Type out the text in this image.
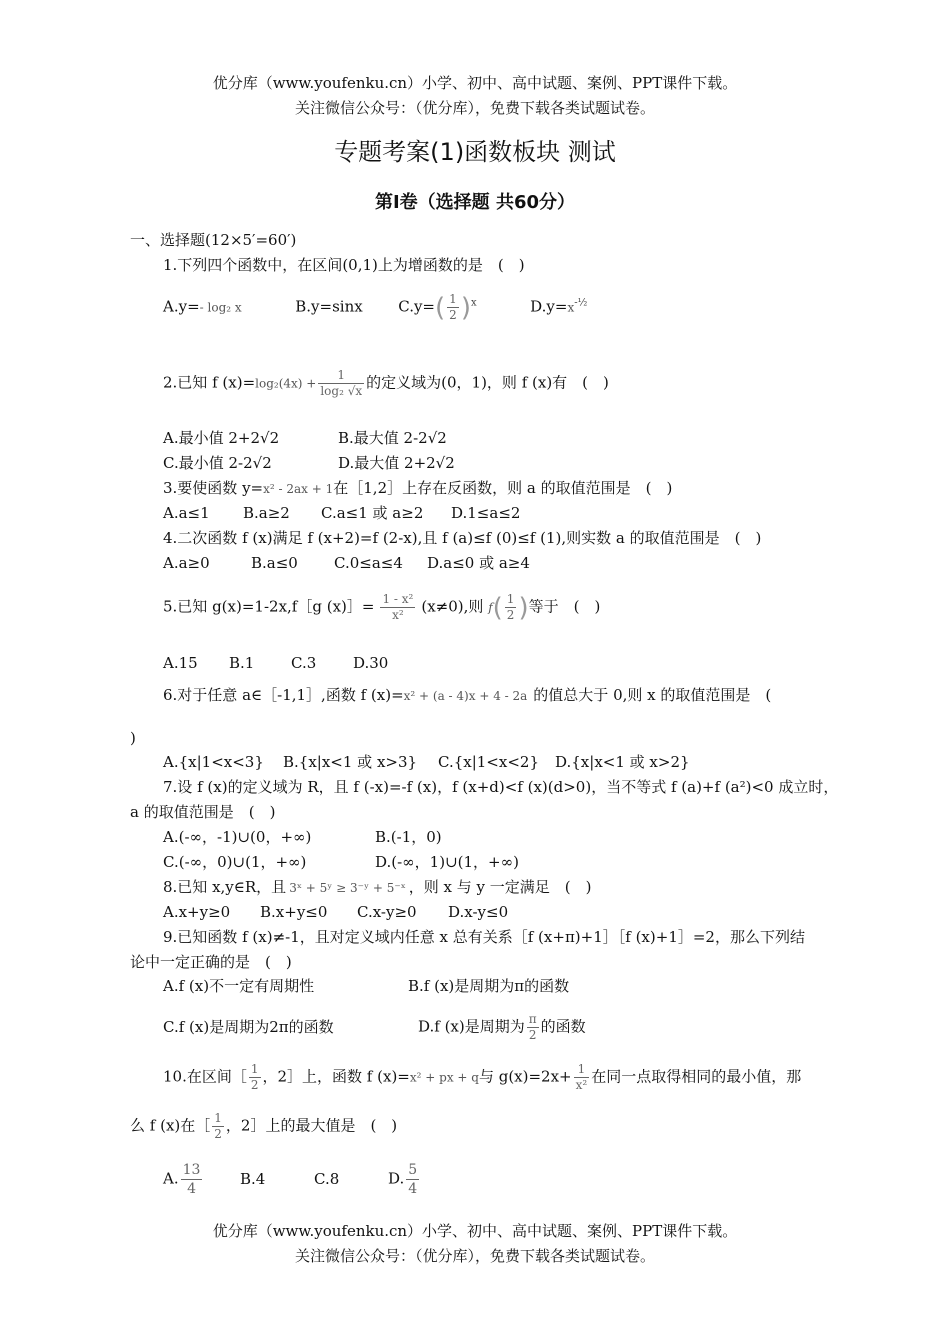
优分库（www.youfenku.cn）小学、初中、高中试题、案例、PPT课件下载。
关注微信公众号：（优分库），免费下载各类试题试卷。
专题考案(1)函数板块 测试
第Ⅰ卷（选择题 共60分）
一、选择题(12×5′=60′)
1.下列四个函数中，在区间(0,1)上为增函数的是　(　)
A.y=- log₂ x	B.y=sinx $C.y=( \frac{1}{2} )^x$	$D.y=x^{-\frac{1}{2}}$
2.已知 f $(x)=\log_2(4x) + \frac{1}{\text{log₂ √x}}$ 的定义域为(0，1)，则 f (x)有　(　)
A.最小值 2+2√2	B.最大值 2-2√2
C.最小值 2-2√2	D.最大值 2+2√2
3.要使函数 y=x² - 2ax + 1在［1,2］上存在反函数，则 a 的取值范围是　(　)
A.a≤1 B.a≥2 C.a≤1 或 a≥2 D.1≤a≤2
4.二次函数 f (x)满足 f (x+2)=f (2-x),且 f (a)≤f (0)≤f (1),则实数 a 的取值范围是　(　)
A.a≥0	B.a≤0 C.0≤a≤4 D.a≤0 或 a≥4
5.已知 g(x)=1-2x,f［g (x)］= $\frac{\text{1 - x²}}{\text{x²}} (x\ne 0)$,则 $f( \frac{1}{2}$ )等于　(　)
A.15 B.1 C.3 D.30
6.对于任意 a∈［-1,1］,函数 f (x)=x² + (a - 4)x + 4 - 2a 的值总大于 0,则 x 的取值范围是　(
)
A.{x|1<x<3} B.{x|x<1 或 x>3} C.{x|1<x<2} D.{x|x<1 或 x>2}
7.设 f (x)的定义域为 R，且 f (-x)=-f (x)，f (x+d)<f (x)(d>0)，当不等式 f (a)+f (a²)<0 成立时，
a 的取值范围是　(　)
A.(-∞，-1)∪(0，+∞)	B.(-1，0)
C.(-∞，0)∪(1，+∞)	D.(-∞，1)∪(1，+∞)
8.已知 x,y∈R，且 3ˣ + 5ʸ ≥ 3⁻ʸ + 5⁻ˣ ，则 x 与 y 一定满足　(　)
A.x+y≥0 B.x+y≤0 C.x-y≥0 D.x-y≤0
9.已知函数 f (x)≠-1，且对定义域内任意 x 总有关系［f (x+π)+1］［f (x)+1］=2，那么下列结
论中一定正确的是　(　)
A.f (x)不一定有周期性	B.f (x)是周期为π的函数
C.f (x)是周期为2π的函数	D.f (x)是周期为 $\frac{\pi}{2}$ 的函数
10.在区间［ $\frac{1}{2}$ ，2］上，函数 f (x)=x² + px + q与 $g(x)=2x+ \frac{1}{\text{x²}}$ 在同一点取得相同的最小值，那
么 f (x)在［ $\frac{1}{2}$ ，2］上的最大值是　(　)
A. $\frac{13}{4}$	B.4	C.8	D. $\frac{5}{4}$
优分库（www.youfenku.cn）小学、初中、高中试题、案例、PPT课件下载。
关注微信公众号：（优分库），免费下载各类试题试卷。
